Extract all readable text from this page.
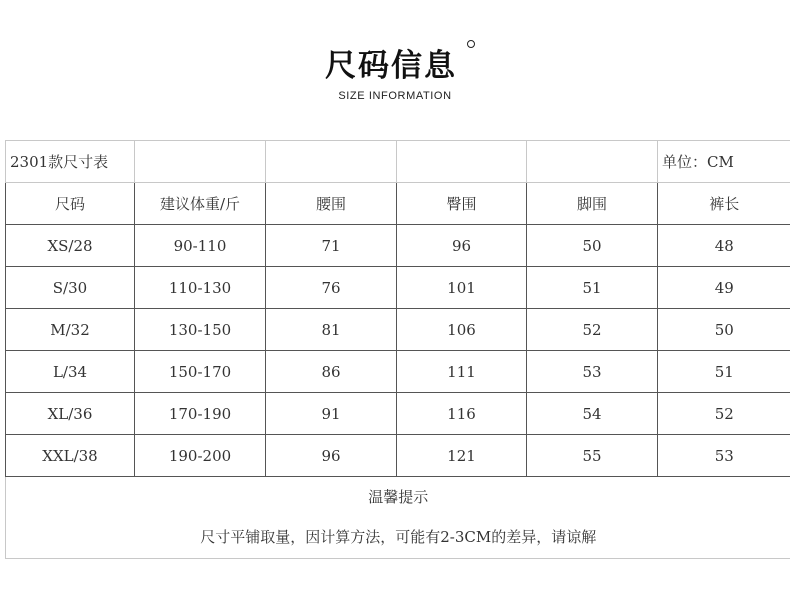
尺码信息
SIZE INFORMATION
2301款尺寸表					单位：CM
尺码	建议体重/斤	腰围	臀围	脚围	裤长
XS/28	90-110	71	96	50	48
S/30	110-130	76	101	51	49
M/32	130-150	81	106	52	50
L/34	150-170	86	111	53	51
XL/36	170-190	91	116	54	52
XXL/38	190-200	96	121	55	53
温馨提示					
尺寸平铺取量，因计算方法，可能有2-3CM的差异，请谅解					
